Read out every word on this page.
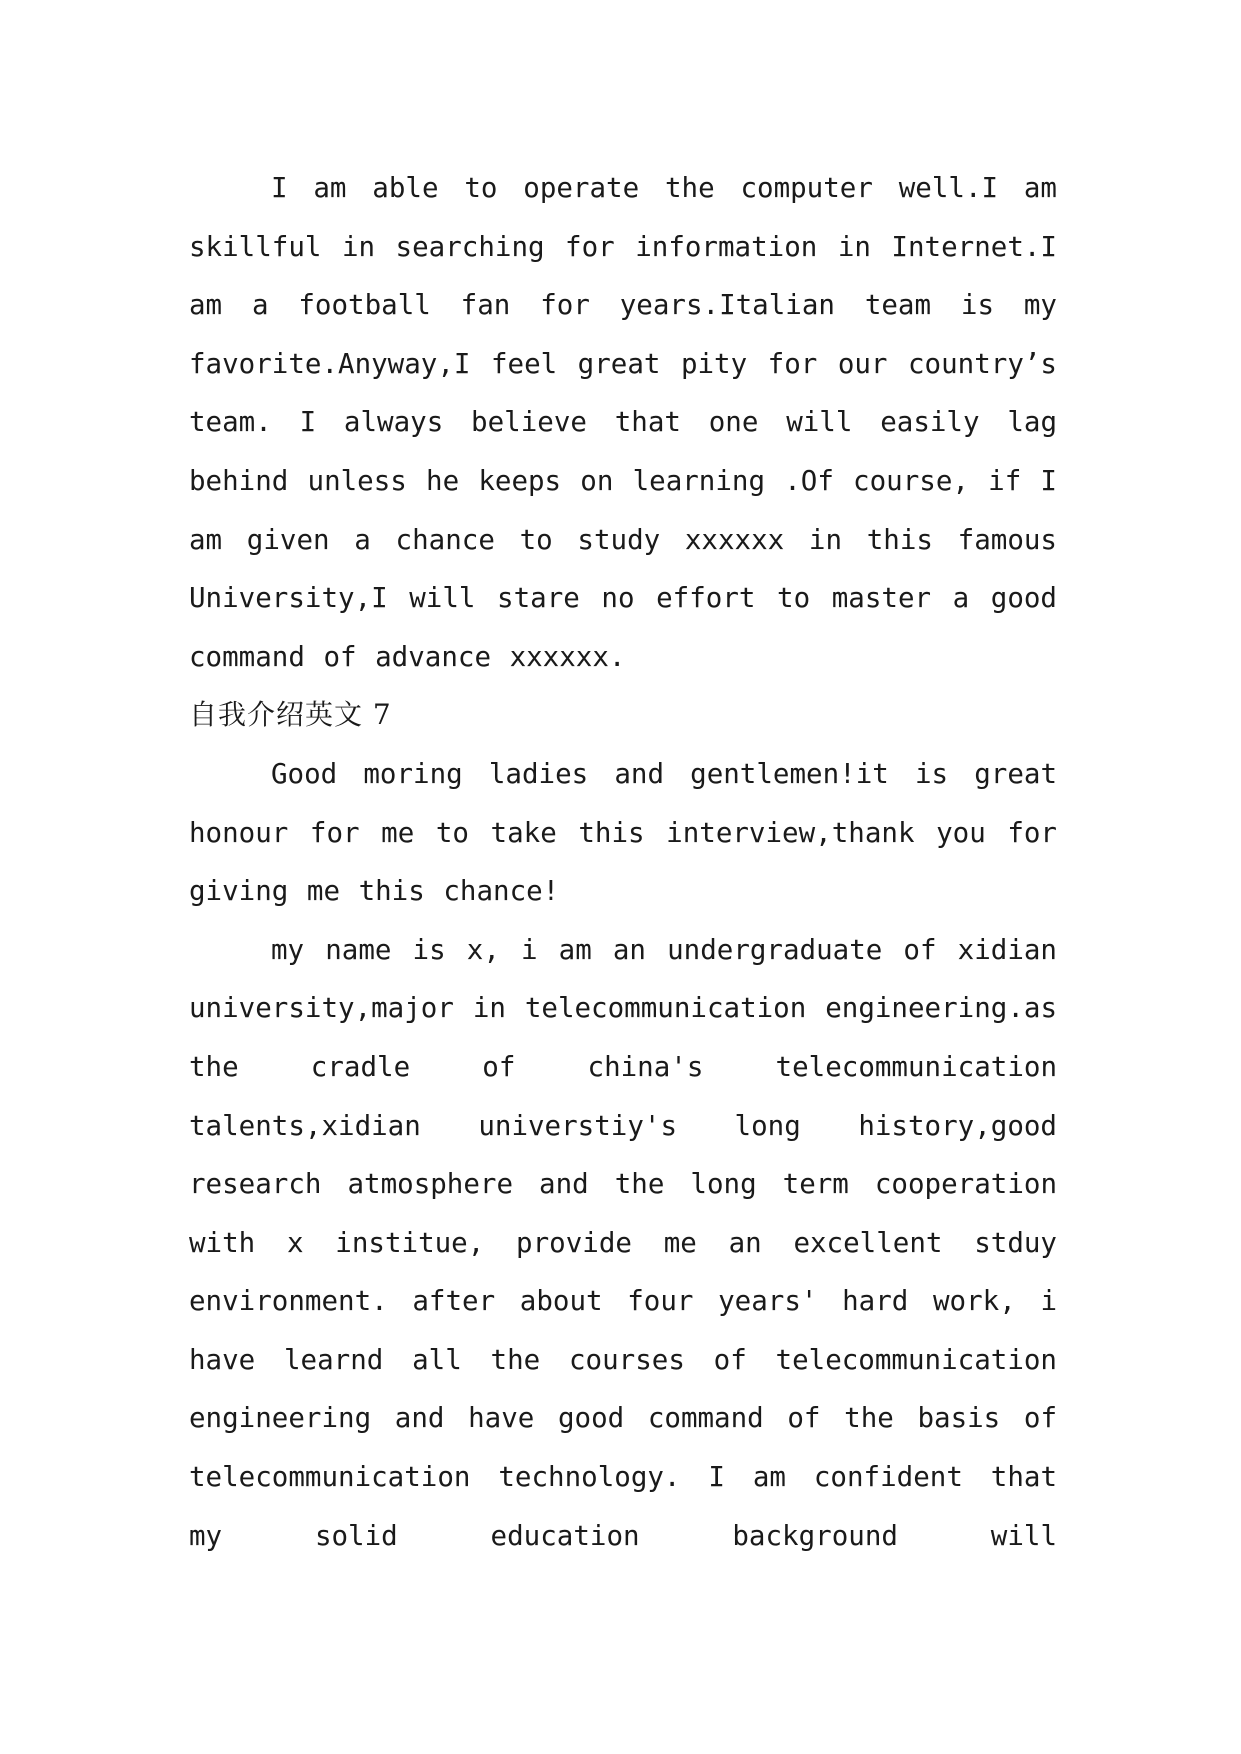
I am able to operate the computer well.I am skillful in searching for information in Internet.I am a football fan for years.Italian team is my favorite.Anyway,I feel great pity for our country’s team. I always believe that one will easily lag behind unless he keeps on learning .Of course, if I am given a chance to study xxxxxx in this famous University,I will stare no effort to master a good command of advance xxxxxx.

自我介绍英文 7

Good moring ladies and gentlemen!it is great honour for me to take this interview,thank you for giving me this chance!

my name is x, i am an undergraduate of xidian university,major in telecommunication engineering.as the cradle of china's telecommunication talents,xidian universtiy's long history,good research atmosphere and the long term cooperation with x institue, provide me an excellent stduy environment. after about four years' hard work, i have learnd all the courses of telecommunication engineering and have good command of the basis of telecommunication technology. I am confident that my solid education background will
